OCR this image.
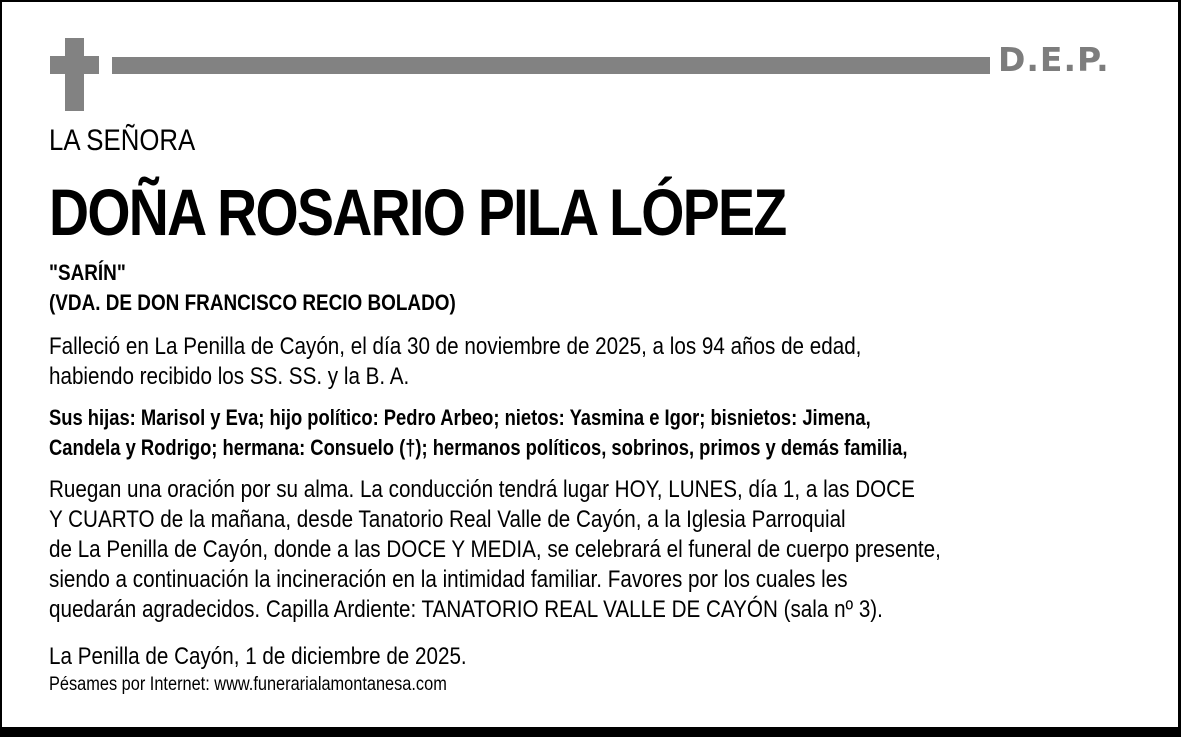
D.E.P.
LA SEÑORA
DOÑA ROSARIO PILA LÓPEZ
"SARÍN"
(VDA. DE DON FRANCISCO RECIO BOLADO)
Falleció en La Penilla de Cayón, el día 30 de noviembre de 2025, a los 94 años de edad,
habiendo recibido los SS. SS. y la B. A.
Sus hijas: Marisol y Eva; hijo político: Pedro Arbeo; nietos: Yasmina e Igor; bisnietos: Jimena,
Candela y Rodrigo; hermana: Consuelo (†); hermanos políticos, sobrinos, primos y demás familia,
Ruegan una oración por su alma. La conducción tendrá lugar HOY, LUNES, día 1, a las DOCE
Y CUARTO de la mañana, desde Tanatorio Real Valle de Cayón, a la Iglesia Parroquial
de La Penilla de Cayón, donde a las DOCE Y MEDIA, se celebrará el funeral de cuerpo presente,
siendo a continuación la incineración en la intimidad familiar. Favores por los cuales les
quedarán agradecidos. Capilla Ardiente: TANATORIO REAL VALLE DE CAYÓN (sala nº 3).
La Penilla de Cayón, 1 de diciembre de 2025.
Pésames por Internet: www.funerarialamontanesa.com
